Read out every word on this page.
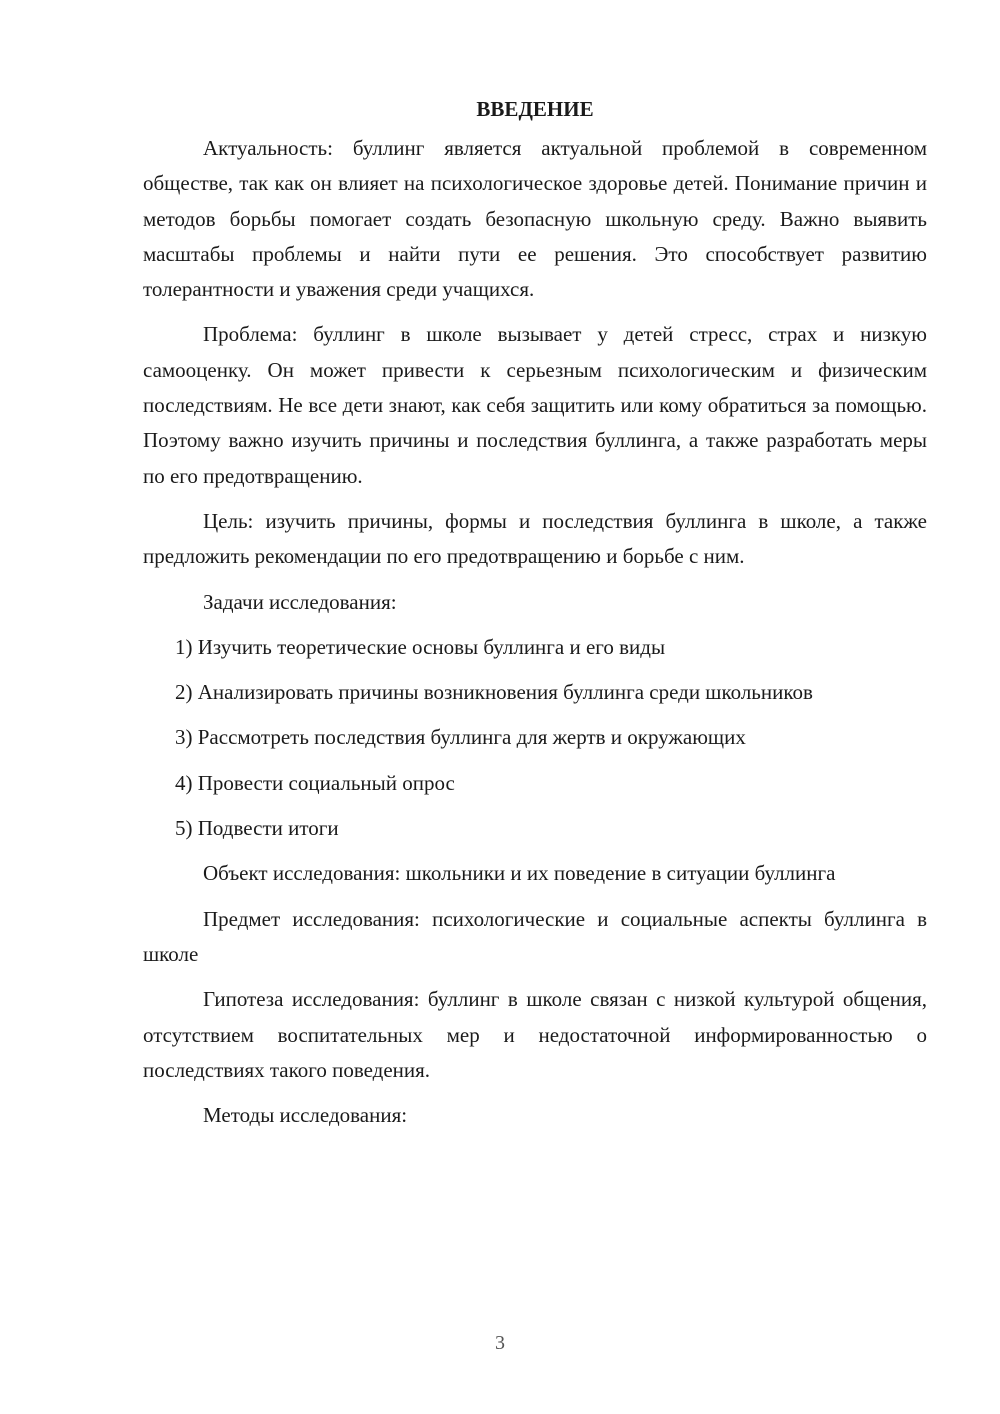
ВВЕДЕНИЕ

Актуальность: буллинг является актуальной проблемой в современном обществе, так как он влияет на психологическое здоровье детей. Понимание причин и методов борьбы помогает создать безопасную школьную среду. Важно выявить масштабы проблемы и найти пути ее решения. Это способствует развитию толерантности и уважения среди учащихся.

Проблема: буллинг в школе вызывает у детей стресс, страх и низкую самооценку. Он может привести к серьезным психологическим и физическим последствиям. Не все дети знают, как себя защитить или кому обратиться за помощью. Поэтому важно изучить причины и последствия буллинга, а также разработать меры по его предотвращению.

Цель: изучить причины, формы и последствия буллинга в школе, а также предложить рекомендации по его предотвращению и борьбе с ним.

Задачи исследования:

1) Изучить теоретические основы буллинга и его виды

2) Анализировать причины возникновения буллинга среди школьников

3) Рассмотреть последствия буллинга для жертв и окружающих

4) Провести социальный опрос

5) Подвести итоги

Объект исследования: школьники и их поведение в ситуации буллинга

Предмет исследования: психологические и социальные аспекты буллинга в школе

Гипотеза исследования: буллинг в школе связан с низкой культурой общения, отсутствием воспитательных мер и недостаточной информированностью о последствиях такого поведения.

Методы исследования:

3
